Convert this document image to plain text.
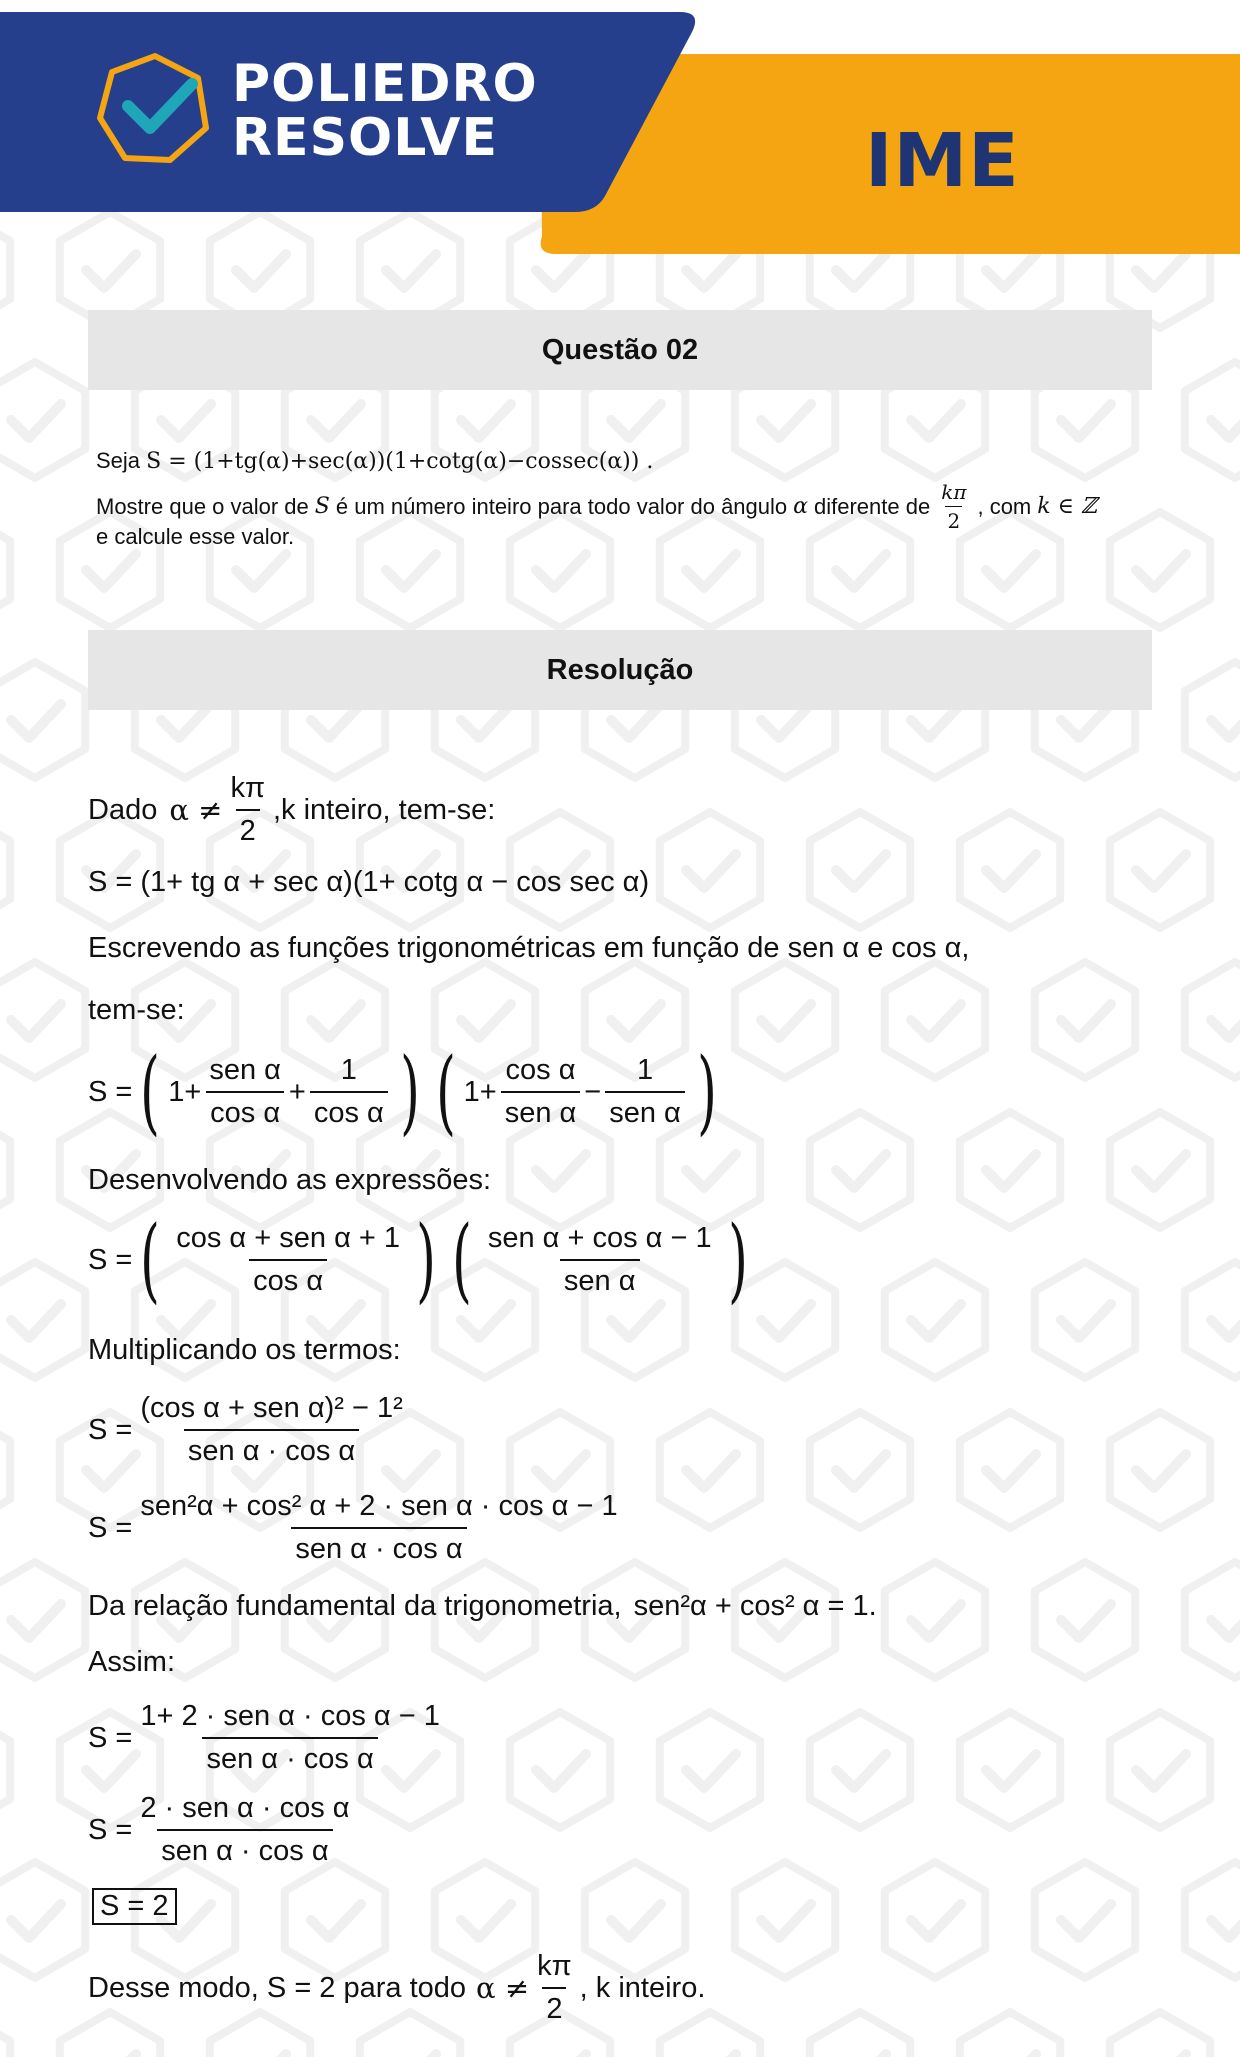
POLIEDRO
RESOLVE	IME
Questão 02
Seja S = (1+tg(α)+sec(α))(1+cotg(α)−cossec(α)) .
Mostre que o valor de S é um número inteiro para todo valor do ângulo α diferente de $\frac{k\pi}{2}$ , com k ∈ ℤ
e calcule esse valor.
Resolução
Dado $\alpha \ne \frac{k\pi}{2} ,k$ inteiro, tem-se:
S = (1+ tg α + sec α)(1+ cotg α − cos sec α)
Escrevendo as funções trigonométricas em função de sen α e cos α,
tem-se:
S = ( $1+ \frac{\text{sen α}}{\text{cos α}} + \frac{1}{\text{cos α}}$ ) ( $1+ \frac{\text{cos α}}{\text{sen α}} - \frac{1}{\text{sen α}}$ )
Desenvolvendo as expressões:
S = ( $\frac{\text{cos α + sen α + 1}}{\text{cos α}}$ ) ( $\frac{\text{sen α + cos α − 1}}{\text{sen α}}$ )
Multiplicando os termos:
$S = \frac{\text{(cos α + sen α)² − 1²}}{\text{sen α · cos α}}$
$S = \frac{\text{sen²α + cos² α + 2 · sen α · cos α − 1}}{\text{sen α · cos α}}$
Da relação fundamental da trigonometria, sen²α + cos² α = 1.
Assim:
$S = \frac{\text{1+ 2 · sen α · cos α − 1}}{\text{sen α · cos α}}$
$S = \frac{\text{2 · sen α · cos α}}{\text{sen α · cos α}}$
S = 2
Desse modo, S = 2 para todo $\alpha \ne \frac{k\pi}{2}$ , k inteiro.
